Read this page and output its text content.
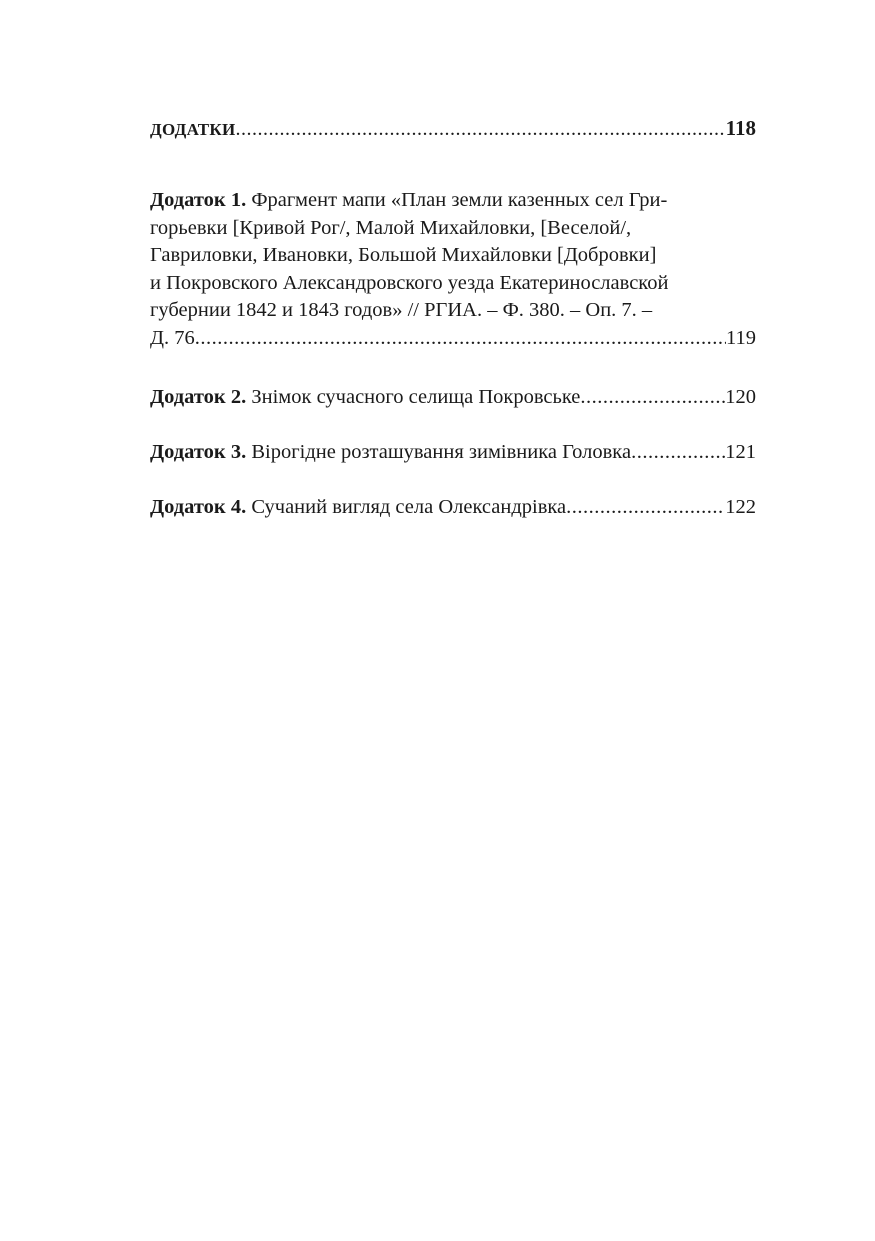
ДОДАТКИ .....	118
Додаток 1. Фрагмент мапи «План земли казенных сел Гри-
горьевки [Кривой Рог/, Малой Михайловки, [Веселой/,
Гавриловки, Ивановки, Большой Михайловки [Добровки]
и Покровского Александровского уезда Екатеринославской
губернии 1842 и 1843 годов» // РГИА. – Ф. 380. – Оп. 7. –
Д. 76 .....	119
Додаток 2. Знімок сучасного селища Покровське .....	120
Додаток 3. Вірогідне розташування зимівника Головка .....	121
Додаток 4. Сучаний вигляд села Олександрівка .....	122
